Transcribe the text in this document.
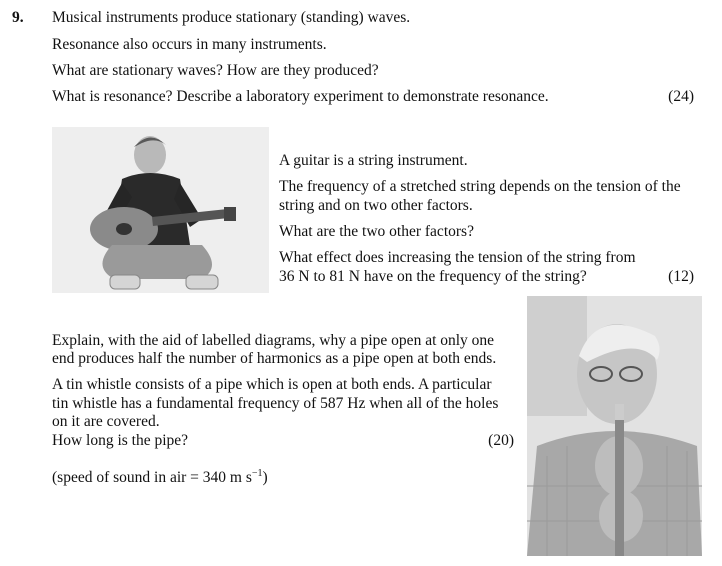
9. Musical instruments produce stationary (standing) waves.
Resonance also occurs in many instruments.
What are stationary waves? How are they produced?
What is resonance? Describe a laboratory experiment to demonstrate resonance.	(24)
A guitar is a string instrument.
The frequency of a stretched string depends on the tension of the
string and on two other factors.
What are the two other factors?
What effect does increasing the tension of the string from
36 N to 81 N have on the frequency of the string?	(12)
Explain, with the aid of labelled diagrams, why a pipe open at only one
end produces half the number of harmonics as a pipe open at both ends.
A tin whistle consists of a pipe which is open at both ends. A particular
tin whistle has a fundamental frequency of 587 Hz when all of the holes
on it are covered.
How long is the pipe?	(20)
(speed of sound in air = 340 m $s^{-1}$)
